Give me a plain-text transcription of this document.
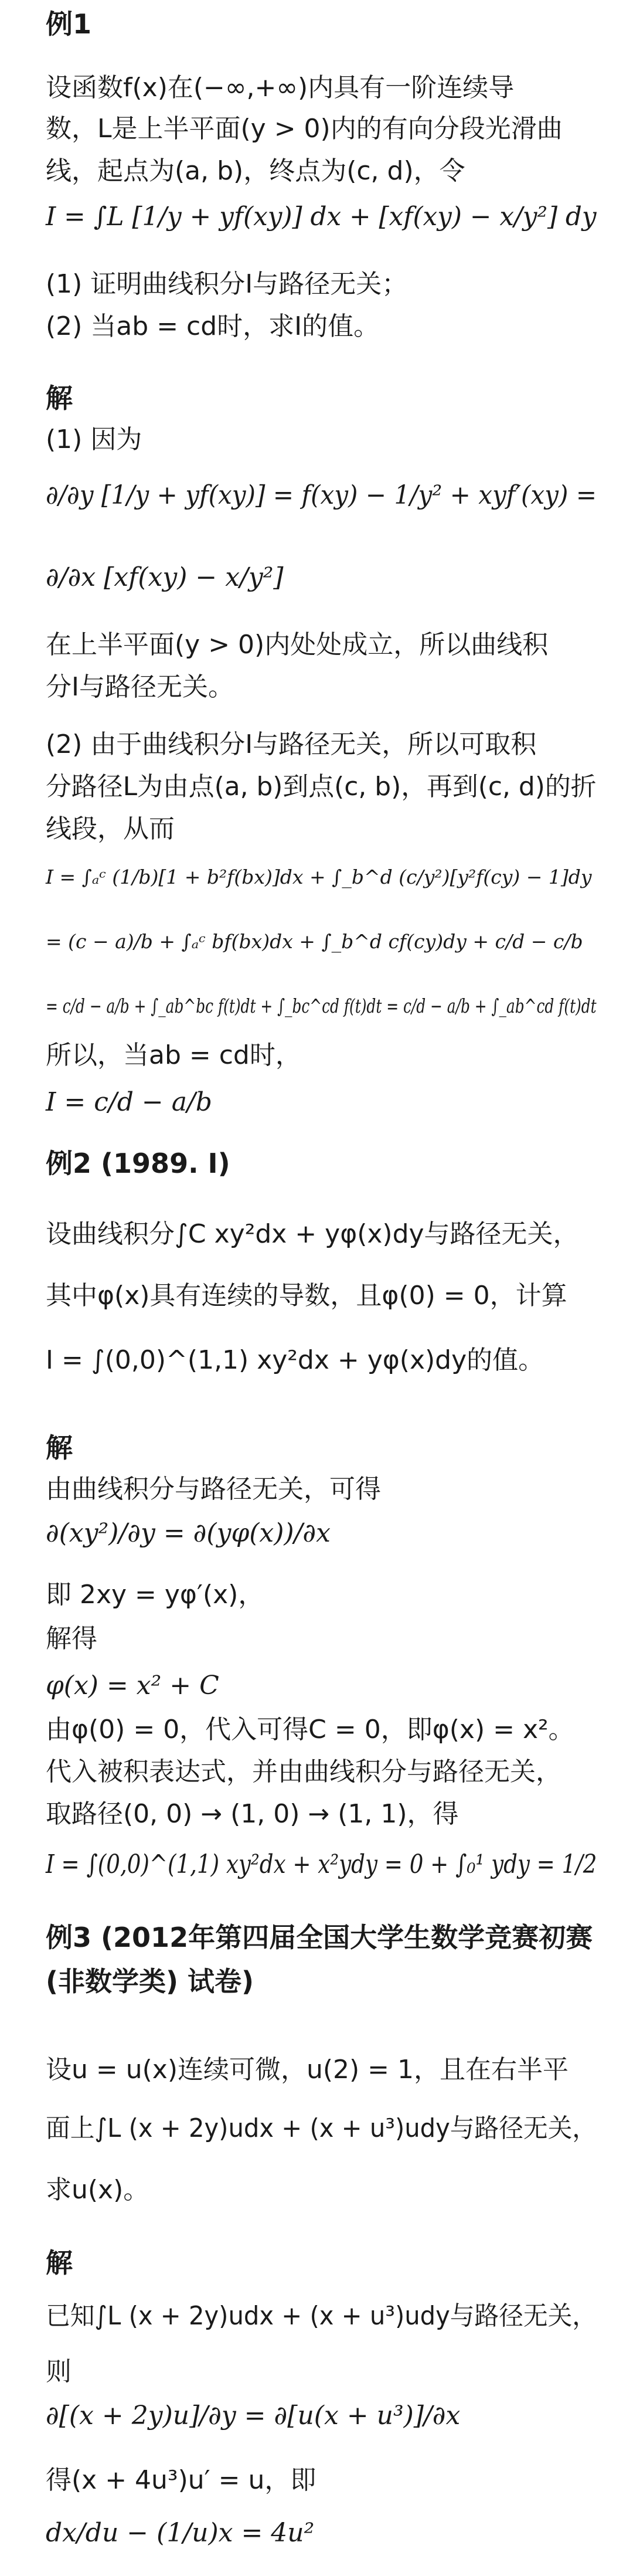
例1
设函数f(x)在(−∞,+∞)内具有一阶连续导
数，L是上半平面(y > 0)内的有向分段光滑曲
线，起点为(a, b)，终点为(c, d)，令
I = ∫L [1/y + yf(xy)] dx + [xf(xy) − x/y²] dy
(1) 证明曲线积分I与路径无关；
(2) 当ab = cd时，求I的值。
解
(1) 因为
∂/∂y [1/y + yf(xy)] = f(xy) − 1/y² + xyf′(xy) =
∂/∂x [xf(xy) − x/y²]
在上半平面(y > 0)内处处成立，所以曲线积
分I与路径无关。
(2) 由于曲线积分I与路径无关，所以可取积
分路径L为由点(a, b)到点(c, b)，再到(c, d)的折
线段，从而
I = ∫ₐᶜ (1/b)[1 + b²f(bx)]dx + ∫_b^d (c/y²)[y²f(cy) − 1]dy
= (c − a)/b + ∫ₐᶜ bf(bx)dx + ∫_b^d cf(cy)dy + c/d − c/b
= c/d − a/b + ∫_ab^bc f(t)dt + ∫_bc^cd f(t)dt = c/d − a/b + ∫_ab^cd f(t)dt
所以，当ab = cd时，
I = c/d − a/b
例2 (1989. Ⅰ)
设曲线积分∫C xy²dx + yφ(x)dy与路径无关，
其中φ(x)具有连续的导数，且φ(0) = 0，计算
I = ∫(0,0)^(1,1) xy²dx + yφ(x)dy的值。
解
由曲线积分与路径无关，可得
∂(xy²)/∂y = ∂(yφ(x))/∂x
即 2xy = yφ′(x)，
解得
φ(x) = x² + C
由φ(0) = 0，代入可得C = 0，即φ(x) = x²。
代入被积表达式，并由曲线积分与路径无关，
取路径(0, 0) → (1, 0) → (1, 1)，得
I = ∫(0,0)^(1,1) xy²dx + x²ydy = 0 + ∫₀¹ ydy = 1/2
例3 (2012年第四届全国大学生数学竞赛初赛
(非数学类) 试卷)
设u = u(x)连续可微，u(2) = 1，且在右半平
面上∫L (x + 2y)udx + (x + u³)udy与路径无关，
求u(x)。
解
已知∫L (x + 2y)udx + (x + u³)udy与路径无关，
则
∂[(x + 2y)u]/∂y = ∂[u(x + u³)]/∂x
得(x + 4u³)u′ = u，即
dx/du − (1/u)x = 4u²
